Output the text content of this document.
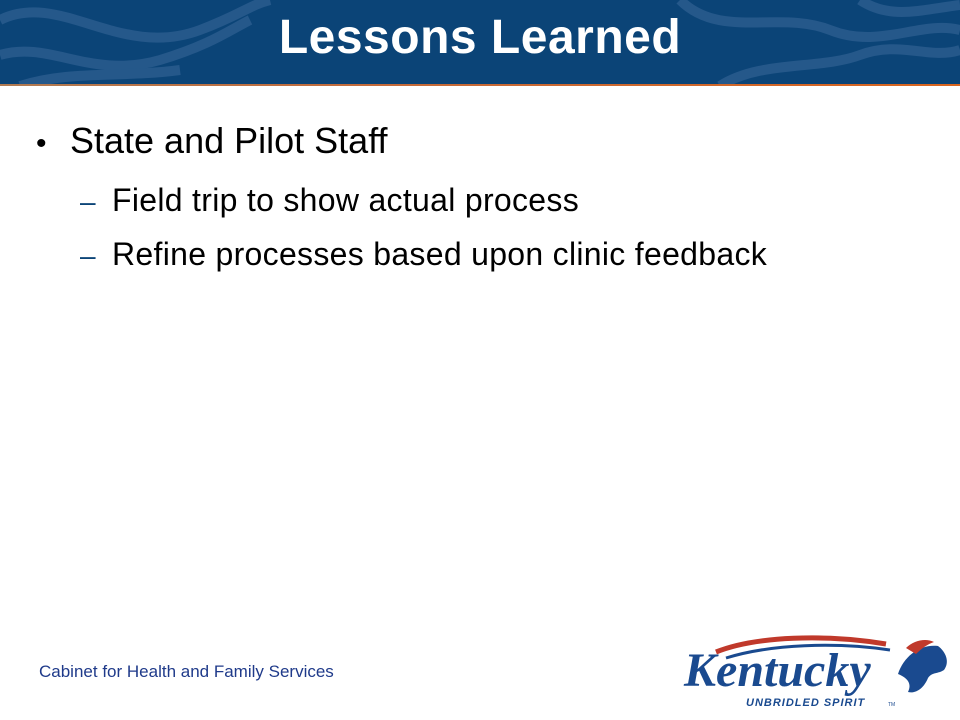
Lessons Learned
• State and Pilot Staff
– Field trip to show actual process
– Refine processes based upon clinic feedback
Cabinet for Health and Family Services	Kentucky
UNBRIDLED SPIRIT	TM
